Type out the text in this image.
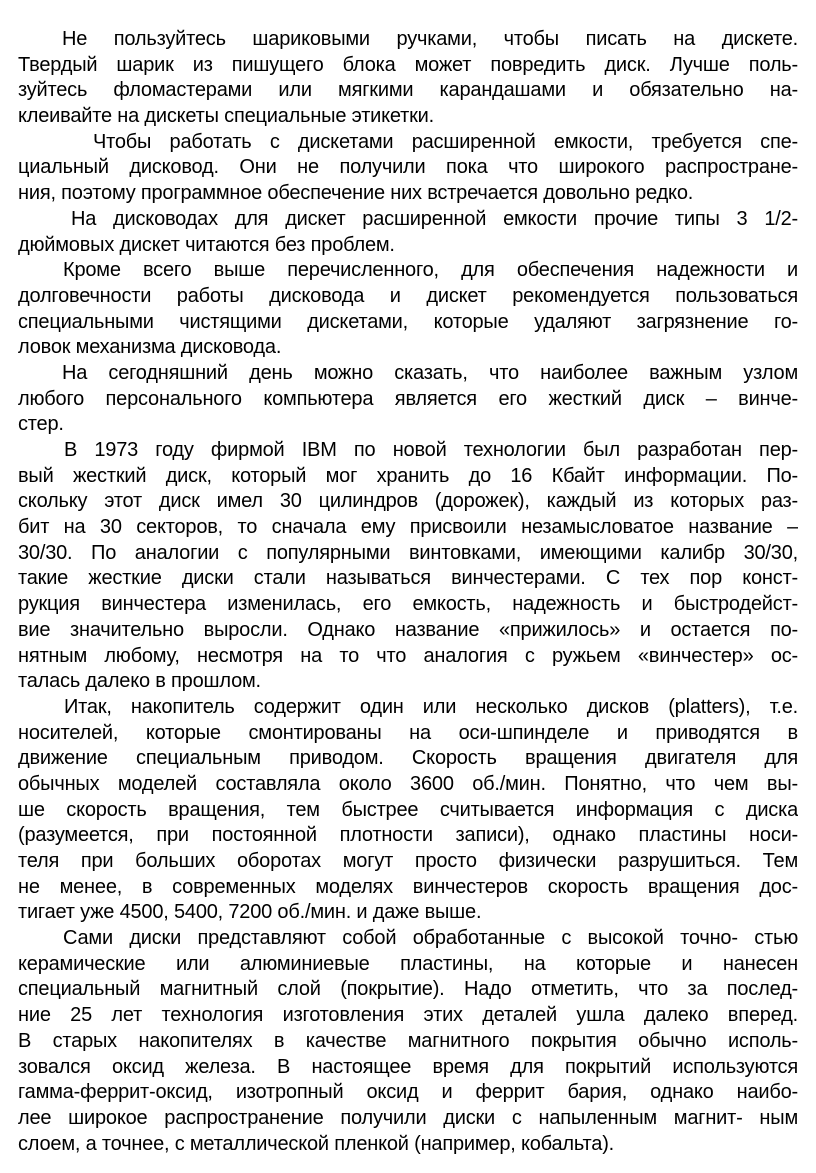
Не пользуйтесь шариковыми ручками, чтобы писать на дискете.
Твердый шарик из пишущего блока может повредить диск. Лучше поль-
зуйтесь фломастерами или мягкими карандашами и обязательно на-
клеивайте на дискеты специальные этикетки.
Чтобы работать с дискетами расширенной емкости, требуется спе-
циальный дисковод. Они не получили пока что широкого распростране-
ния, поэтому программное обеспечение них встречается довольно редко.
На дисководах для дискет расширенной емкости прочие типы 3 1/2-
дюймовых дискет читаются без проблем.
Кроме всего выше перечисленного, для обеспечения надежности и
долговечности работы дисковода и дискет рекомендуется пользоваться
специальными чистящими дискетами, которые удаляют загрязнение го-
ловок механизма дисковода.
На сегодняшний день можно сказать, что наиболее важным узлом
любого персонального компьютера является его жесткий диск – винче-
стер.
В 1973 году фирмой IBM по новой технологии был разработан пер-
вый жесткий диск, который мог хранить до 16 Кбайт информации. По-
скольку этот диск имел 30 цилиндров (дорожек), каждый из которых раз-
бит на 30 секторов, то сначала ему присвоили незамысловатое название –
30/30. По аналогии с популярными винтовками, имеющими калибр 30/30,
такие жесткие диски стали называться винчестерами. С тех пор конст-
рукция винчестера изменилась, его емкость, надежность и быстродейст-
вие значительно выросли. Однако название «прижилось» и остается по-
нятным любому, несмотря на то что аналогия с ружьем «винчестер» ос-
талась далеко в прошлом.
Итак, накопитель содержит один или несколько дисков (platters), т.е.
носителей, которые смонтированы на оси-шпинделе и приводятся в
движение специальным приводом. Скорость вращения двигателя для
обычных моделей составляла около 3600 об./мин. Понятно, что чем вы-
ше скорость вращения, тем быстрее считывается информация с диска
(разумеется, при постоянной плотности записи), однако пластины носи-
теля при больших оборотах могут просто физически разрушиться. Тем
не менее, в современных моделях винчестеров скорость вращения дос-
тигает уже 4500, 5400, 7200 об./мин. и даже выше.
Сами диски представляют собой обработанные с высокой точно- стью
керамические или алюминиевые пластины, на которые и нанесен
специальный магнитный слой (покрытие). Надо отметить, что за послед-
ние 25 лет технология изготовления этих деталей ушла далеко вперед.
В старых накопителях в качестве магнитного покрытия обычно исполь-
зовался оксид железа. В настоящее время для покрытий используются
гамма-феррит-оксид, изотропный оксид и феррит бария, однако наибо-
лее широкое распространение получили диски с напыленным магнит- ным
слоем, а точнее, с металлической пленкой (например, кобальта).
